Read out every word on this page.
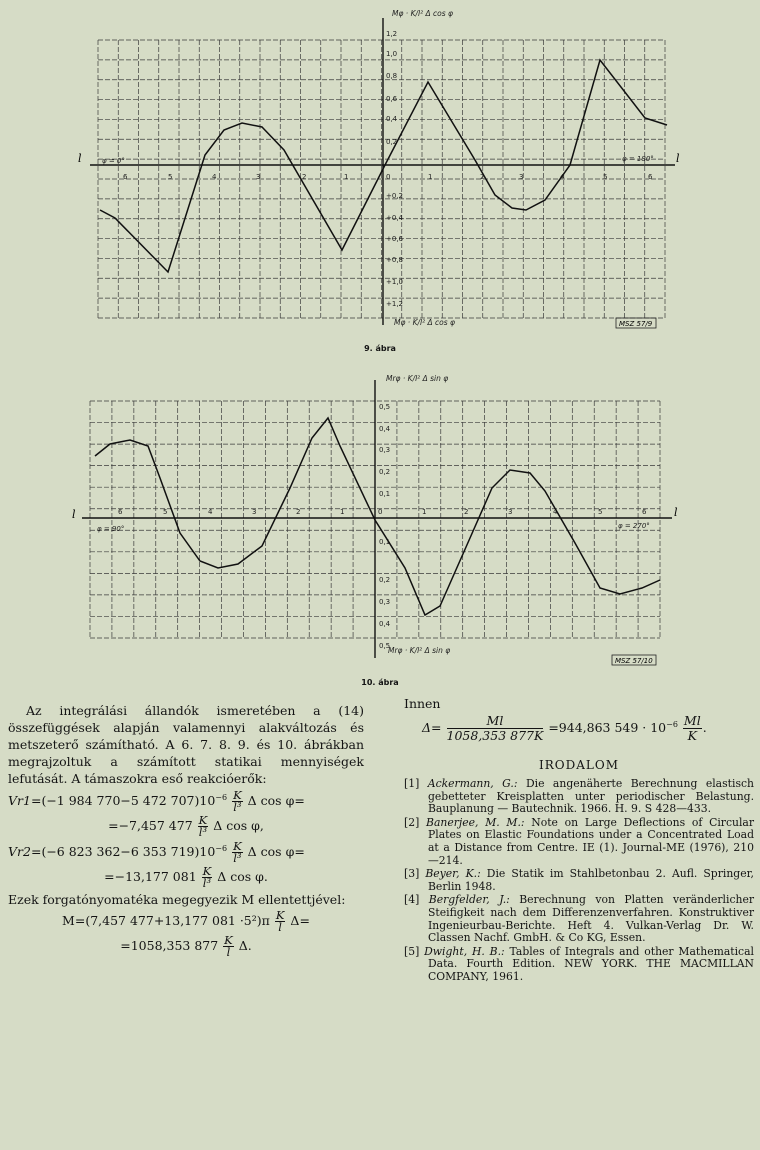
6	5	4	3	2	1	0	1	2	3	4	5	6
1,2
1,0
0,8
0,6
0,4
0,2
+0,2
+0,4
+0,6
+0,8
+1,0
+1,2
Mφ · K/l² Δ cos φ
Mφ · K/l² Δ cos φ
l	l
φ = 0°	φ = 180°
MSZ 57/9
9. ábra
6	5	4	3	2	1	0	1	2	3	4	5	6
0,5
0,4
0,3
0,2
0,1
0,1
0,2
0,3
0,4
0,5
Mrφ · K/l² Δ sin φ
Mrφ · K/l² Δ sin φ
l	l
φ = 90°	φ = 270°
MSZ 57/10
10. ábra

Az integrálási állandók ismeretében a (14) összefüggések alapján valamennyi alakváltozás és metszeterő számítható. A 6. 7. 8. 9. és 10. ábrákban megrajzoltuk a számított statikai mennyiségek lefutását. A támaszokra eső reakcióerők:

Vr1=(−1 984 770−5 472 $707)10^{-6} \frac{K}{\text{l³}}$ Δ cos φ=
=−7,457 $477 \frac{K}{\text{l³}}$ Δ cos φ,
Vr2=(−6 823 362−6 353 $719)10^{-6} \frac{K}{\text{l³}}$ Δ cos φ=
=−13,177 $081 \frac{K}{\text{l³}}$ Δ cos φ.

Ezek forgatónyomatéka megegyezik M ellentettjével:

M=(7,457 477+13,177 $081 \cdot 5^2)\pi \frac{K}{l} \Delta=$
=1058,353 $877 \frac{K}{l} \Delta$.
Innen
$\Delta= \frac{Ml}{1058,353 877K} =944,863$ $549 \cdot 10^{-6} \frac{Ml}{K}$ .
IRODALOM
[1] Ackermann, G.: Die angenäherte Berechnung elastisch gebetteter Kreisplatten unter periodischer Belastung. Bauplanung — Bautechnik. 1966. H. 9. S 428—433.
[2] Banerjee, M. M.: Note on Large Deflections of Circular Plates on Elastic Foundations under a Concentrated Load at a Distance from Centre. IE (1). Journal-ME (1976), 210—214.
[3] Beyer, K.: Die Statik im Stahlbetonbau 2. Aufl. Springer, Berlin 1948.
[4] Bergfelder, J.: Berechnung von Platten veränderlicher Steifigkeit nach dem Differenzenverfahren. Konstruktiver Ingenieurbau-Berichte. Heft 4. Vulkan-Verlag Dr. W. Classen Nachf. GmbH. & Co KG, Essen.
[5] Dwight, H. B.: Tables of Integrals and other Mathematical Data. Fourth Edition. NEW YORK. THE MACMILLAN COMPANY, 1961.
